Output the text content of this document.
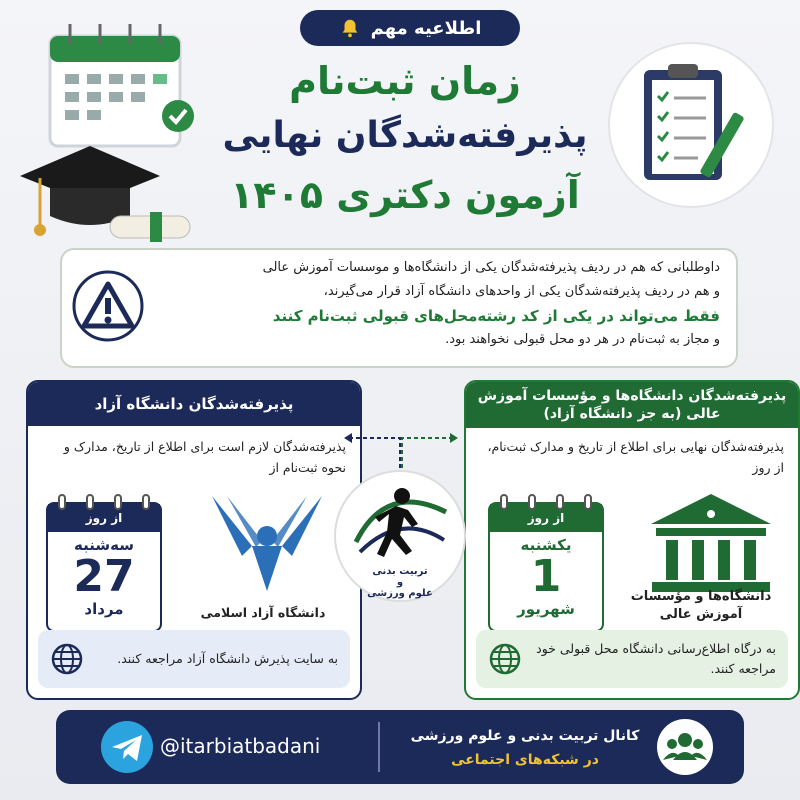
اطلاعیه مهم
زمان ثبت‌نام
پذیرفته‌شدگان نهایی
آزمون دکتری ۱۴۰۵
داوطلبانی که هم در ردیف پذیرفته‌شدگان یکی از دانشگاه‌ها و موسسات آموزش عالی
و هم در ردیف پذیرفته‌شدگان یکی از واحدهای دانشگاه آزاد قرار می‌گیرند،
فقط می‌تواند در یکی از کد رشته‌محل‌های قبولی ثبت‌نام کنند
و مجاز به ثبت‌نام در هر دو محل قبولی نخواهند بود.
پذیرفته‌شدگان دانشگاه آزاد
پذیرفته‌شدگان لازم است برای اطلاع از تاریخ، مدارک و نحوه ثبت‌نام از
از روز
سه‌شنبه
27
مرداد	دانشگاه آزاد اسلامی
به سایت پذیرش دانشگاه آزاد مراجعه کنند.
پذیرفته‌شدگان دانشگاه‌ها و مؤسسات آموزش عالی (به جز دانشگاه آزاد)
پذیرفته‌شدگان نهایی برای اطلاع از تاریخ و مدارک ثبت‌نام، از روز
از روز
یکشنبه
1
شهریور
دانشگاه‌ها و مؤسسات آموزش عالی
به درگاه اطلاع‌رسانی دانشگاه محل قبولی خود مراجعه کنند.
تربیت بدنی
و
علوم ورزشی
@itarbiatbadani	کانال تربیت بدنی و علوم ورزشی
در شبکه‌های اجتماعی
